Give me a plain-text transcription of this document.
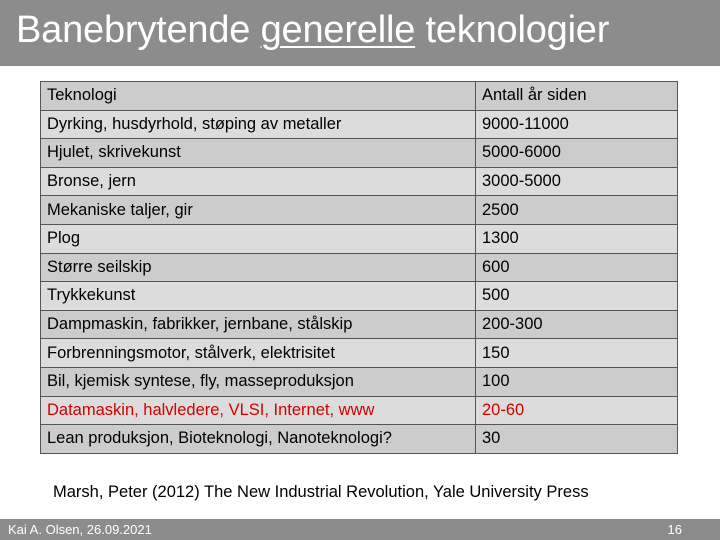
Banebrytende generelle teknologier
Teknologi	Antall år siden
Dyrking, husdyrhold, støping av metaller	9000-11000
Hjulet, skrivekunst	5000-6000
Bronse, jern	3000-5000
Mekaniske taljer, gir	2500
Plog	1300
Større seilskip	600
Trykkekunst	500
Dampmaskin, fabrikker, jernbane, stålskip	200-300
Forbrenningsmotor, stålverk, elektrisitet	150
Bil, kjemisk syntese, fly, masseproduksjon	100
Datamaskin, halvledere, VLSI, Internet, www	20-60
Lean produksjon, Bioteknologi, Nanoteknologi?	30
Marsh, Peter (2012) The New Industrial Revolution, Yale University Press
Kai A. Olsen, 26.09.2021	16
